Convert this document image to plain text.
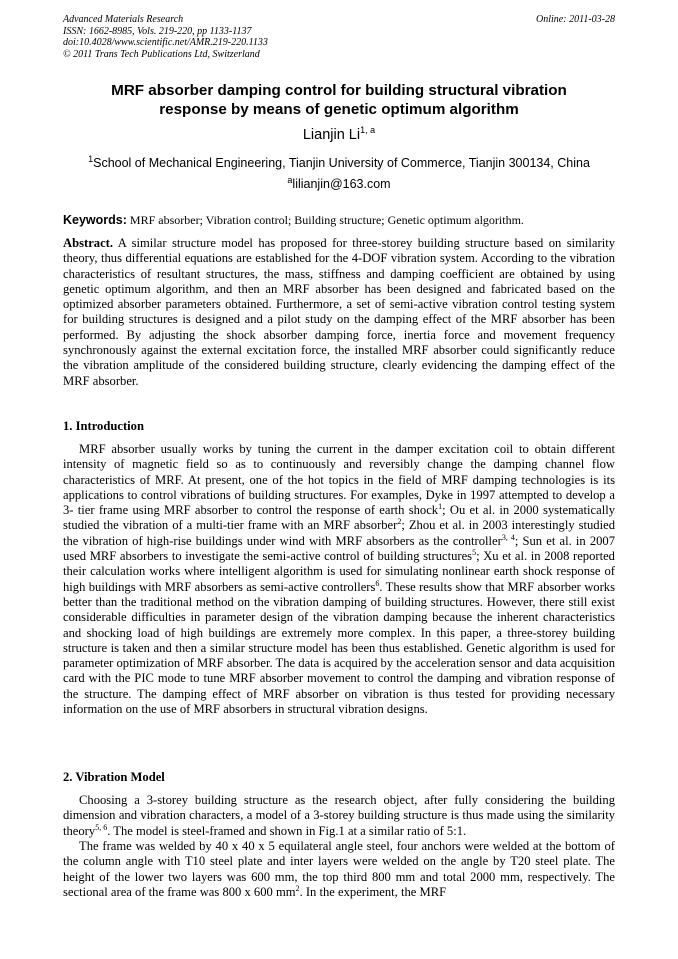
Advanced Materials Research
ISSN: 1662-8985, Vols. 219-220, pp 1133-1137
doi:10.4028/www.scientific.net/AMR.219-220.1133
© 2011 Trans Tech Publications Ltd, Switzerland
Online: 2011-03-28
MRF absorber damping control for building structural vibration
response by means of genetic optimum algorithm
Lianjin Li$^{1, a}$
$^1$School of Mechanical Engineering, Tianjin University of Commerce, Tianjin 300134, China
$^a$lilianjin@163.com
Keywords: MRF absorber; Vibration control; Building structure; Genetic optimum algorithm.
Abstract. A similar structure model has proposed for three-storey building structure based on similarity theory, thus differential equations are established for the 4-DOF vibration system. According to the vibration characteristics of resultant structures, the mass, stiffness and damping coefficient are obtained by using genetic optimum algorithm, and then an MRF absorber has been designed and fabricated based on the optimized absorber parameters obtained. Furthermore, a set of semi-active vibration control testing system for building structures is designed and a pilot study on the damping effect of the MRF absorber has been performed. By adjusting the shock absorber damping force, inertia force and movement frequency synchronously against the external excitation force, the installed MRF absorber could significantly reduce the vibration amplitude of the considered building structure, clearly evidencing the damping effect of the MRF absorber.
1. Introduction
MRF absorber usually works by tuning the current in the damper excitation coil to obtain different intensity of magnetic field so as to continuously and reversibly change the damping channel flow characteristics of MRF. At present, one of the hot topics in the field of MRF damping technologies is its applications to control vibrations of building structures. For examples, Dyke in 1997 attempted to develop a 3- tier frame using MRF absorber to control the response of earth shock$^1$; Ou et al. in 2000 systematically studied the vibration of a multi-tier frame with an MRF absorber$^2$; Zhou et al. in 2003 interestingly studied the vibration of high-rise buildings under wind with MRF absorbers as the controller$^{3, 4}$; Sun et al. in 2007 used MRF absorbers to investigate the semi-active control of building structures$^5$; Xu et al. in 2008 reported their calculation works where intelligent algorithm is used for simulating nonlinear earth shock response of high buildings with MRF absorbers as semi-active controllers$^6$. These results show that MRF absorber works better than the traditional method on the vibration damping of building structures. However, there still exist considerable difficulties in parameter design of the vibration damping because the inherent characteristics and shocking load of high buildings are extremely more complex. In this paper, a three-storey building structure is taken and then a similar structure model has been thus established. Genetic algorithm is used for parameter optimization of MRF absorber. The data is acquired by the acceleration sensor and data acquisition card with the PIC mode to tune MRF absorber movement to control the damping and vibration response of the structure. The damping effect of MRF absorber on vibration is thus tested for providing necessary information on the use of MRF absorbers in structural vibration designs.
2. Vibration Model
Choosing a 3-storey building structure as the research object, after fully considering the building dimension and vibration characters, a model of a 3-storey building structure is thus made using the similarity theory$^{5, 6}$. The model is steel-framed and shown in Fig.1 at a similar ratio of 5:1.
The frame was welded by 40 x 40 x 5 equilateral angle steel, four anchors were welded at the bottom of the column angle with T10 steel plate and inter layers were welded on the angle by T20 steel plate. The height of the lower two layers was 600 mm, the top third 800 mm and total 2000 mm, respectively. The sectional area of the frame was 800 x 600 $mm^2$. In the experiment, the MRF
